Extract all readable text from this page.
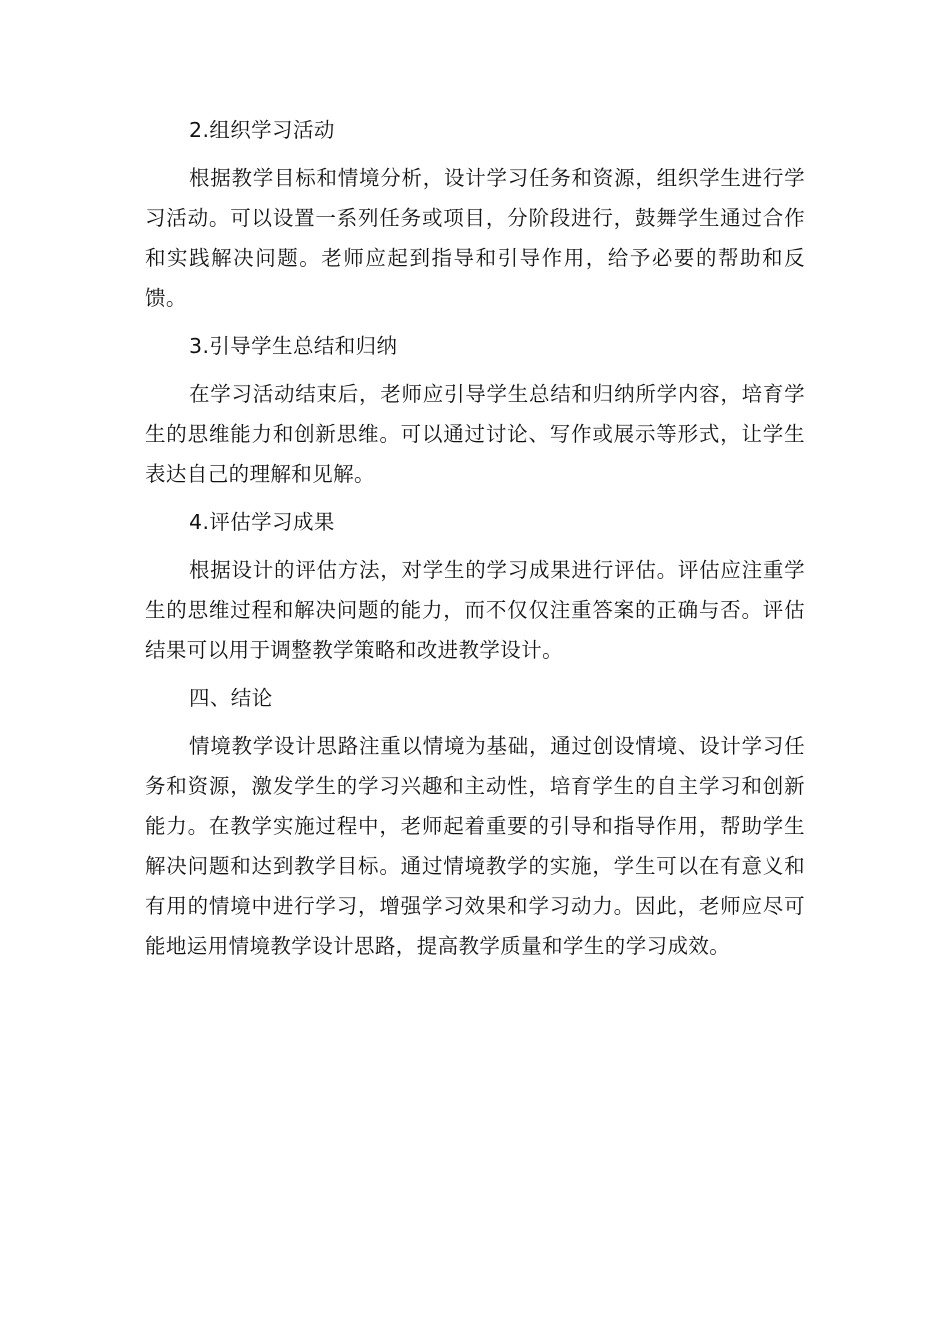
2.组织学习活动

根据教学目标和情境分析，设计学习任务和资源，组织学生进行学习活动。可以设置一系列任务或项目，分阶段进行，鼓舞学生通过合作和实践解决问题。老师应起到指导和引导作用，给予必要的帮助和反馈。

3.引导学生总结和归纳

在学习活动结束后，老师应引导学生总结和归纳所学内容，培育学生的思维能力和创新思维。可以通过讨论、写作或展示等形式，让学生表达自己的理解和见解。

4.评估学习成果

根据设计的评估方法，对学生的学习成果进行评估。评估应注重学生的思维过程和解决问题的能力，而不仅仅注重答案的正确与否。评估结果可以用于调整教学策略和改进教学设计。

四、结论

情境教学设计思路注重以情境为基础，通过创设情境、设计学习任务和资源，激发学生的学习兴趣和主动性，培育学生的自主学习和创新能力。在教学实施过程中，老师起着重要的引导和指导作用，帮助学生解决问题和达到教学目标。通过情境教学的实施，学生可以在有意义和有用的情境中进行学习，增强学习效果和学习动力。因此，老师应尽可能地运用情境教学设计思路，提高教学质量和学生的学习成效。
